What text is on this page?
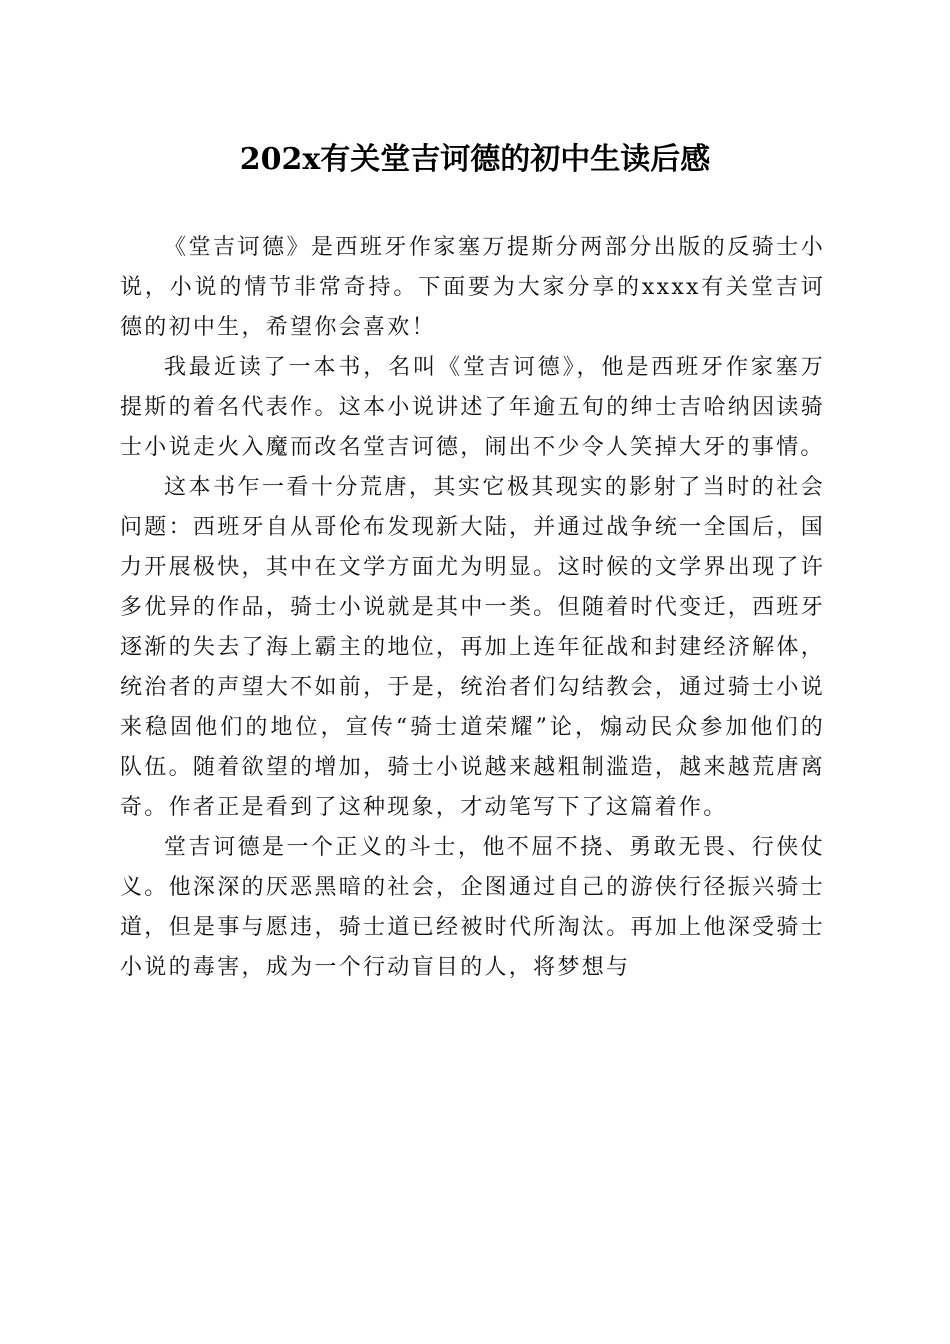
202x有关堂吉诃德的初中生读后感

《堂吉诃德》是西班牙作家塞万提斯分两部分出版的反骑士小说，小说的情节非常奇持。下面要为大家分享的xxxx有关堂吉诃德的初中生，希望你会喜欢！

我最近读了一本书，名叫《堂吉诃德》，他是西班牙作家塞万提斯的着名代表作。这本小说讲述了年逾五旬的绅士吉哈纳因读骑士小说走火入魔而改名堂吉诃德，闹出不少令人笑掉大牙的事情。

这本书乍一看十分荒唐，其实它极其现实的影射了当时的社会问题：西班牙自从哥伦布发现新大陆，并通过战争统一全国后，国力开展极快，其中在文学方面尤为明显。这时候的文学界出现了许多优异的作品，骑士小说就是其中一类。但随着时代变迁，西班牙逐渐的失去了海上霸主的地位，再加上连年征战和封建经济解体，统治者的声望大不如前，于是，统治者们勾结教会，通过骑士小说来稳固他们的地位，宣传“骑士道荣耀”论，煽动民众参加他们的队伍。随着欲望的增加，骑士小说越来越粗制滥造，越来越荒唐离奇。作者正是看到了这种现象，才动笔写下了这篇着作。

堂吉诃德是一个正义的斗士，他不屈不挠、勇敢无畏、行侠仗义。他深深的厌恶黑暗的社会，企图通过自己的游侠行径振兴骑士道，但是事与愿违，骑士道已经被时代所淘汰。再加上他深受骑士小说的毒害，成为一个行动盲目的人，将梦想与
